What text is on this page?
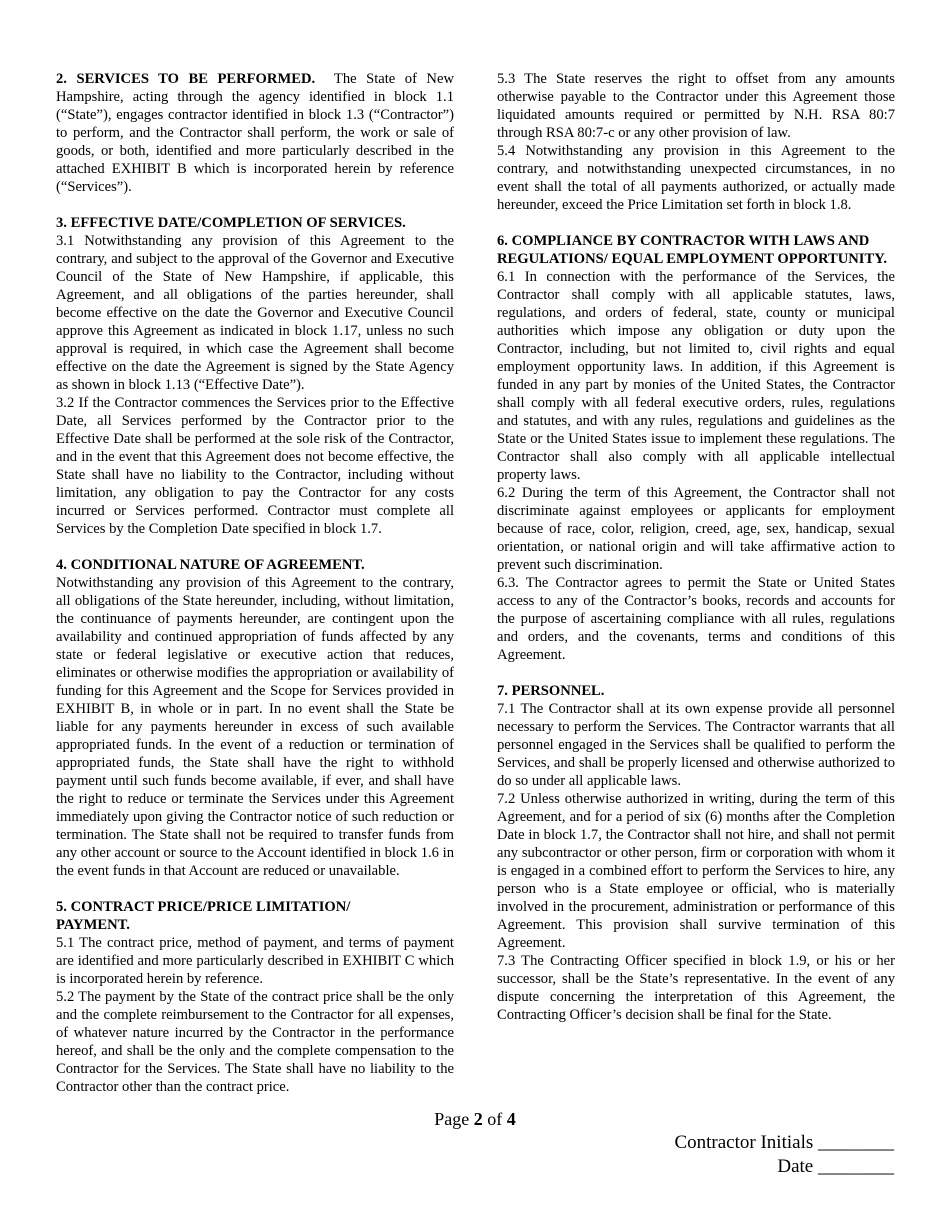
2. SERVICES TO BE PERFORMED. The State of New Hampshire, acting through the agency identified in block 1.1 (“State”), engages contractor identified in block 1.3 (“Contractor”) to perform, and the Contractor shall perform, the work or sale of goods, or both, identified and more particularly described in the attached EXHIBIT B which is incorporated herein by reference (“Services”).

3. EFFECTIVE DATE/COMPLETION OF SERVICES.

3.1 Notwithstanding any provision of this Agreement to the contrary, and subject to the approval of the Governor and Executive Council of the State of New Hampshire, if applicable, this Agreement, and all obligations of the parties hereunder, shall become effective on the date the Governor and Executive Council approve this Agreement as indicated in block 1.17, unless no such approval is required, in which case the Agreement shall become effective on the date the Agreement is signed by the State Agency as shown in block 1.13 (“Effective Date”).

3.2 If the Contractor commences the Services prior to the Effective Date, all Services performed by the Contractor prior to the Effective Date shall be performed at the sole risk of the Contractor, and in the event that this Agreement does not become effective, the State shall have no liability to the Contractor, including without limitation, any obligation to pay the Contractor for any costs incurred or Services performed. Contractor must complete all Services by the Completion Date specified in block 1.7.

4. CONDITIONAL NATURE OF AGREEMENT.

Notwithstanding any provision of this Agreement to the contrary, all obligations of the State hereunder, including, without limitation, the continuance of payments hereunder, are contingent upon the availability and continued appropriation of funds affected by any state or federal legislative or executive action that reduces, eliminates or otherwise modifies the appropriation or availability of funding for this Agreement and the Scope for Services provided in EXHIBIT B, in whole or in part. In no event shall the State be liable for any payments hereunder in excess of such available appropriated funds. In the event of a reduction or termination of appropriated funds, the State shall have the right to withhold payment until such funds become available, if ever, and shall have the right to reduce or terminate the Services under this Agreement immediately upon giving the Contractor notice of such reduction or termination. The State shall not be required to transfer funds from any other account or source to the Account identified in block 1.6 in the event funds in that Account are reduced or unavailable.

5. CONTRACT PRICE/PRICE LIMITATION/ PAYMENT.

5.1 The contract price, method of payment, and terms of payment are identified and more particularly described in EXHIBIT C which is incorporated herein by reference.

5.2 The payment by the State of the contract price shall be the only and the complete reimbursement to the Contractor for all expenses, of whatever nature incurred by the Contractor in the performance hereof, and shall be the only and the complete compensation to the Contractor for the Services. The State shall have no liability to the Contractor other than the contract price.

5.3 The State reserves the right to offset from any amounts otherwise payable to the Contractor under this Agreement those liquidated amounts required or permitted by N.H. RSA 80:7 through RSA 80:7-c or any other provision of law.

5.4 Notwithstanding any provision in this Agreement to the contrary, and notwithstanding unexpected circumstances, in no event shall the total of all payments authorized, or actually made hereunder, exceed the Price Limitation set forth in block 1.8.

6. COMPLIANCE BY CONTRACTOR WITH LAWS AND REGULATIONS/ EQUAL EMPLOYMENT OPPORTUNITY.

6.1 In connection with the performance of the Services, the Contractor shall comply with all applicable statutes, laws, regulations, and orders of federal, state, county or municipal authorities which impose any obligation or duty upon the Contractor, including, but not limited to, civil rights and equal employment opportunity laws. In addition, if this Agreement is funded in any part by monies of the United States, the Contractor shall comply with all federal executive orders, rules, regulations and statutes, and with any rules, regulations and guidelines as the State or the United States issue to implement these regulations. The Contractor shall also comply with all applicable intellectual property laws.

6.2 During the term of this Agreement, the Contractor shall not discriminate against employees or applicants for employment because of race, color, religion, creed, age, sex, handicap, sexual orientation, or national origin and will take affirmative action to prevent such discrimination.

6.3. The Contractor agrees to permit the State or United States access to any of the Contractor’s books, records and accounts for the purpose of ascertaining compliance with all rules, regulations and orders, and the covenants, terms and conditions of this Agreement.

7. PERSONNEL.

7.1 The Contractor shall at its own expense provide all personnel necessary to perform the Services. The Contractor warrants that all personnel engaged in the Services shall be qualified to perform the Services, and shall be properly licensed and otherwise authorized to do so under all applicable laws.

7.2 Unless otherwise authorized in writing, during the term of this Agreement, and for a period of six (6) months after the Completion Date in block 1.7, the Contractor shall not hire, and shall not permit any subcontractor or other person, firm or corporation with whom it is engaged in a combined effort to perform the Services to hire, any person who is a State employee or official, who is materially involved in the procurement, administration or performance of this Agreement. This provision shall survive termination of this Agreement.

7.3 The Contracting Officer specified in block 1.9, or his or her successor, shall be the State’s representative. In the event of any dispute concerning the interpretation of this Agreement, the Contracting Officer’s decision shall be final for the State.

Page 2 of 4
Contractor Initials ________
Date ________
